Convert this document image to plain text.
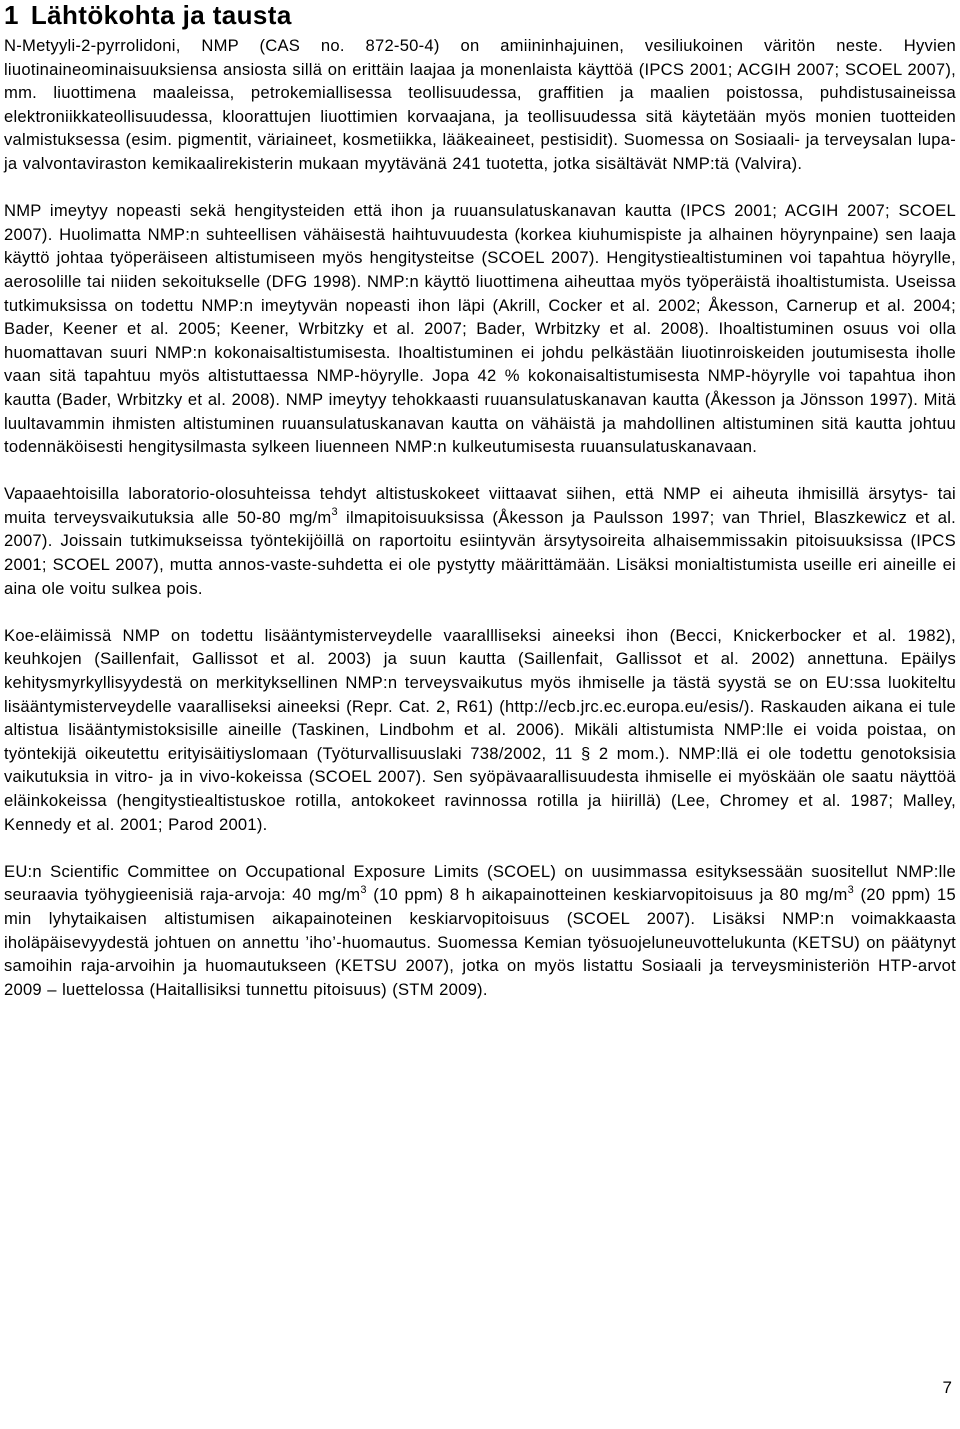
1 Lähtökohta ja tausta

N-Metyyli-2-pyrrolidoni, NMP (CAS no. 872-50-4) on amiininhajuinen, vesiliukoinen väritön neste. Hyvien liuotinaineominaisuuksiensa ansiosta sillä on erittäin laajaa ja monenlaista käyttöä (IPCS 2001; ACGIH 2007; SCOEL 2007), mm. liuottimena maaleissa, petrokemiallisessa teollisuudessa, graffitien ja maalien poistossa, puhdistusaineissa elektroniikkateollisuudessa, kloorattujen liuottimien korvaajana, ja teollisuudessa sitä käytetään myös monien tuotteiden valmistuksessa (esim. pigmentit, väriaineet, kosmetiikka, lääkeaineet, pestisidit). Suomessa on Sosiaali- ja terveysalan lupa- ja valvontaviraston kemikaalirekisterin mukaan myytävänä 241 tuotetta, jotka sisältävät NMP:tä (Valvira).

NMP imeytyy nopeasti sekä hengitysteiden että ihon ja ruuansulatuskanavan kautta (IPCS 2001; ACGIH 2007; SCOEL 2007). Huolimatta NMP:n suhteellisen vähäisestä haihtuvuudesta (korkea kiuhumispiste ja alhainen höyrynpaine) sen laaja käyttö johtaa työperäiseen altistumiseen myös hengitysteitse (SCOEL 2007). Hengitystiealtistuminen voi tapahtua höyrylle, aerosolille tai niiden sekoitukselle (DFG 1998). NMP:n käyttö liuottimena aiheuttaa myös työperäistä ihoaltistumista. Useissa tutkimuksissa on todettu NMP:n imeytyvän nopeasti ihon läpi (Akrill, Cocker et al. 2002; Åkesson, Carnerup et al. 2004; Bader, Keener et al. 2005; Keener, Wrbitzky et al. 2007; Bader, Wrbitzky et al. 2008). Ihoaltistuminen osuus voi olla huomattavan suuri NMP:n kokonaisaltistumisesta. Ihoaltistuminen ei johdu pelkästään liuotinroiskeiden joutumisesta iholle vaan sitä tapahtuu myös altistuttaessa NMP-höyrylle. Jopa 42 % kokonaisaltistumisesta NMP-höyrylle voi tapahtua ihon kautta (Bader, Wrbitzky et al. 2008). NMP imeytyy tehokkaasti ruuansulatuskanavan kautta (Åkesson ja Jönsson 1997). Mitä luultavammin ihmisten altistuminen ruuansulatuskanavan kautta on vähäistä ja mahdollinen altistuminen sitä kautta johtuu todennäköisesti hengitysilmasta sylkeen liuenneen NMP:n kulkeutumisesta ruuansulatuskanavaan.

Vapaaehtoisilla laboratorio-olosuhteissa tehdyt altistuskokeet viittaavat siihen, että NMP ei aiheuta ihmisillä ärsytys- tai muita terveysvaikutuksia alle 50-80 $mg/m^3$ ilmapitoisuuksissa (Åkesson ja Paulsson 1997; van Thriel, Blaszkewicz et al. 2007). Joissain tutkimukseissa työntekijöillä on raportoitu esiintyvän ärsytysoireita alhaisemmissakin pitoisuuksissa (IPCS 2001; SCOEL 2007), mutta annos-vaste-suhdetta ei ole pystytty määrittämään. Lisäksi monialtistumista useille eri aineille ei aina ole voitu sulkea pois.

Koe-eläimissä NMP on todettu lisääntymisterveydelle vaarallliseksi aineeksi ihon (Becci, Knickerbocker et al. 1982), keuhkojen (Saillenfait, Gallissot et al. 2003) ja suun kautta (Saillenfait, Gallissot et al. 2002) annettuna. Epäilys kehitysmyrkyllisyydestä on merkityksellinen NMP:n terveysvaikutus myös ihmiselle ja tästä syystä se on EU:ssa luokiteltu lisääntymisterveydelle vaaralliseksi aineeksi (Repr. Cat. 2, R61) (http://ecb.jrc.ec.europa.eu/esis/). Raskauden aikana ei tule altistua lisääntymistoksisille aineille (Taskinen, Lindbohm et al. 2006). Mikäli altistumista NMP:lle ei voida poistaa, on työntekijä oikeutettu erityisäitiyslomaan (Työturvallisuuslaki 738/2002, 11 § 2 mom.). NMP:llä ei ole todettu genotoksisia vaikutuksia in vitro- ja in vivo-kokeissa (SCOEL 2007). Sen syöpävaarallisuudesta ihmiselle ei myöskään ole saatu näyttöä eläinkokeissa (hengitystiealtistuskoe rotilla, antokokeet ravinnossa rotilla ja hiirillä) (Lee, Chromey et al. 1987; Malley, Kennedy et al. 2001; Parod 2001).

EU:n Scientific Committee on Occupational Exposure Limits (SCOEL) on uusimmassa esityksessään suositellut NMP:lle seuraavia työhygieenisiä raja-arvoja: 40 $mg/m^3$ (10 ppm) 8 h aikapainotteinen keskiarvopitoisuus ja 80 $mg/m^3$ (20 ppm) 15 min lyhytaikaisen altistumisen aikapainoteinen keskiarvopitoisuus (SCOEL 2007). Lisäksi NMP:n voimakkaasta iholäpäisevyydestä johtuen on annettu ’iho’-huomautus. Suomessa Kemian työsuojeluneuvottelukunta (KETSU) on päätynyt samoihin raja-arvoihin ja huomautukseen (KETSU 2007), jotka on myös listattu Sosiaali ja terveysministeriön HTP-arvot 2009 – luettelossa (Haitallisiksi tunnettu pitoisuus) (STM 2009).

7
